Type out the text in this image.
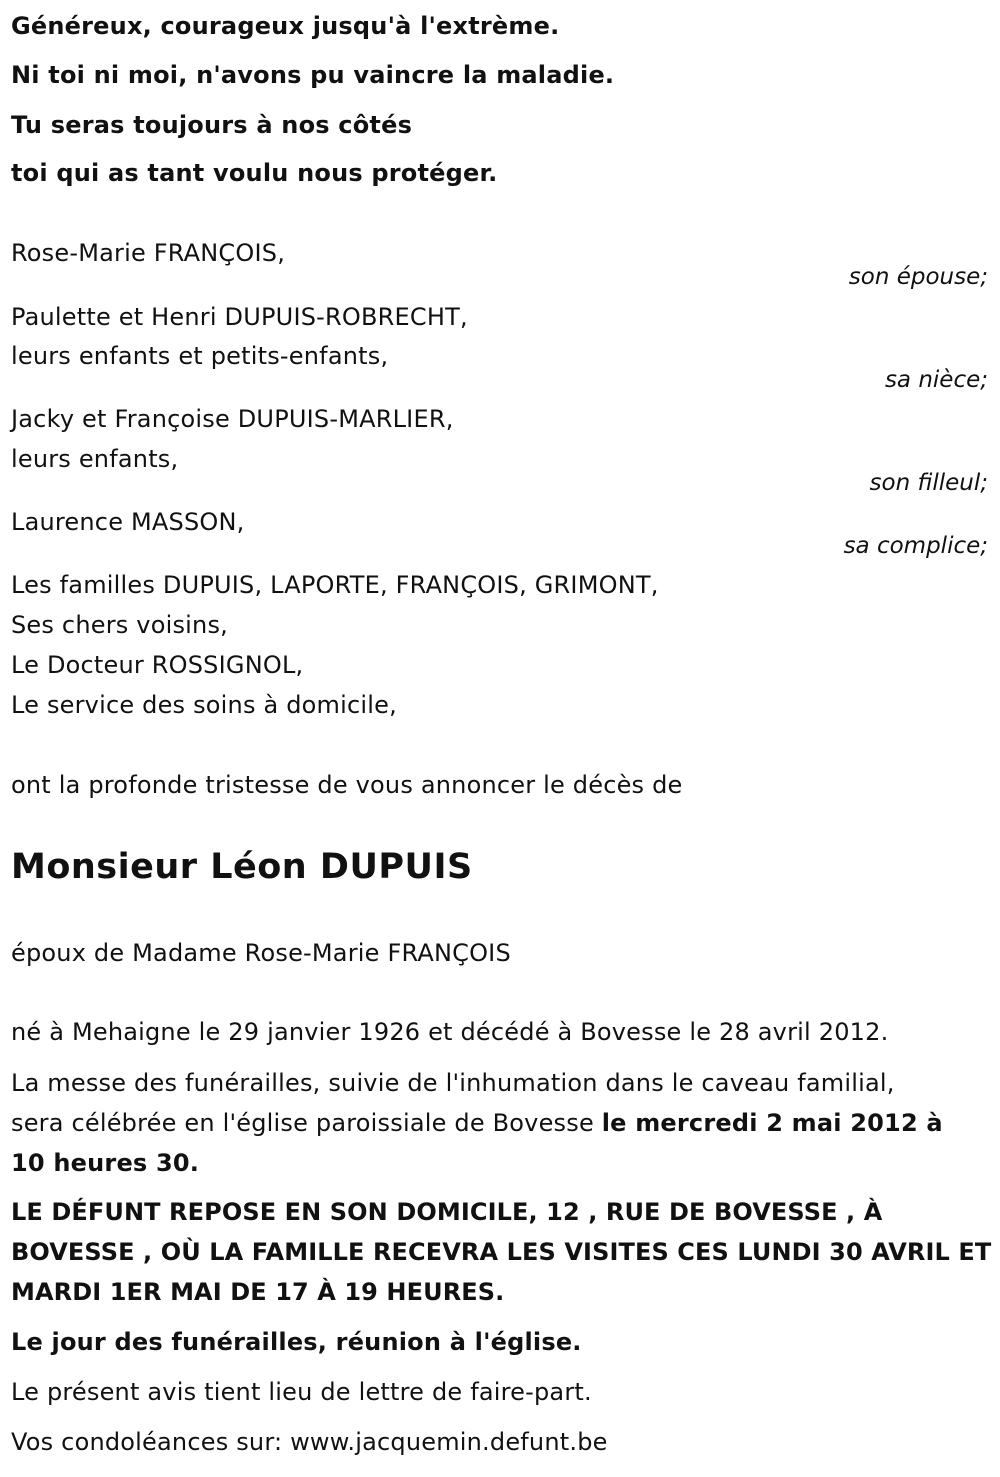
Généreux, courageux jusqu'à l'extrème.
Ni toi ni moi, n'avons pu vaincre la maladie.
Tu seras toujours à nos côtés
toi qui as tant voulu nous protéger.
Rose-Marie FRANÇOIS,
son épouse;
Paulette et Henri DUPUIS-ROBRECHT,
leurs enfants et petits-enfants,
sa nièce;
Jacky et Françoise DUPUIS-MARLIER,
leurs enfants,
son filleul;
Laurence MASSON,
sa complice;
Les familles DUPUIS, LAPORTE, FRANÇOIS, GRIMONT,
Ses chers voisins,
Le Docteur ROSSIGNOL,
Le service des soins à domicile,
ont la profonde tristesse de vous annoncer le décès de
Monsieur Léon DUPUIS
époux de Madame Rose-Marie FRANÇOIS
né à Mehaigne le 29 janvier 1926 et décédé à Bovesse le 28 avril 2012.
La messe des funérailles, suivie de l'inhumation dans le caveau familial,
sera célébrée en l'église paroissiale de Bovesse le mercredi 2 mai 2012 à
10 heures 30.
LE DÉFUNT REPOSE EN SON DOMICILE, 12 , RUE DE BOVESSE , À
BOVESSE , OÙ LA FAMILLE RECEVRA LES VISITES CES LUNDI 30 AVRIL ET
MARDI 1ER MAI DE 17 À 19 HEURES.
Le jour des funérailles, réunion à l'église.
Le présent avis tient lieu de lettre de faire-part.
Vos condoléances sur: www.jacquemin.defunt.be
